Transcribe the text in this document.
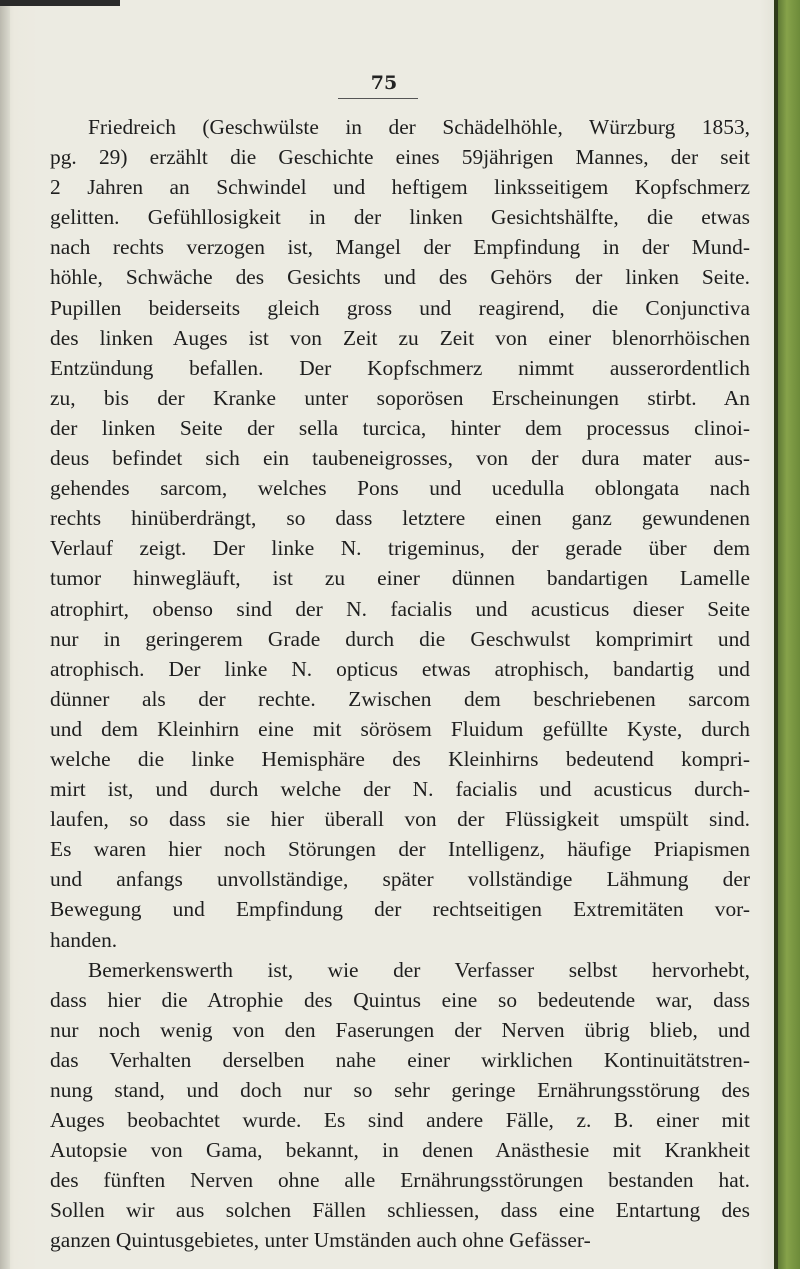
75
Friedreich (Geschwülste in der Schädelhöhle, Würzburg 1853,
pg. 29) erzählt die Geschichte eines 59jährigen Mannes, der seit
2 Jahren an Schwindel und heftigem linksseitigem Kopfschmerz
gelitten. Gefühllosigkeit in der linken Gesichtshälfte, die etwas
nach rechts verzogen ist, Mangel der Empfindung in der Mund-
höhle, Schwäche des Gesichts und des Gehörs der linken Seite.
Pupillen beiderseits gleich gross und reagirend, die Conjunctiva
des linken Auges ist von Zeit zu Zeit von einer blenorrhöischen
Entzündung befallen. Der Kopfschmerz nimmt ausserordentlich
zu, bis der Kranke unter soporösen Erscheinungen stirbt. An
der linken Seite der sella turcica, hinter dem processus clinoi-
deus befindet sich ein taubeneigrosses, von der dura mater aus-
gehendes sarcom, welches Pons und ucedulla oblongata nach
rechts hinüberdrängt, so dass letztere einen ganz gewundenen
Verlauf zeigt. Der linke N. trigeminus, der gerade über dem
tumor hinwegläuft, ist zu einer dünnen bandartigen Lamelle
atrophirt, obenso sind der N. facialis und acusticus dieser Seite
nur in geringerem Grade durch die Geschwulst komprimirt und
atrophisch. Der linke N. opticus etwas atrophisch, bandartig und
dünner als der rechte. Zwischen dem beschriebenen sarcom
und dem Kleinhirn eine mit sörösem Fluidum gefüllte Kyste, durch
welche die linke Hemisphäre des Kleinhirns bedeutend kompri-
mirt ist, und durch welche der N. facialis und acusticus durch-
laufen, so dass sie hier überall von der Flüssigkeit umspült sind.
Es waren hier noch Störungen der Intelligenz, häufige Priapismen
und anfangs unvollständige, später vollständige Lähmung der
Bewegung und Empfindung der rechtseitigen Extremitäten vor-
handen.
Bemerkenswerth ist, wie der Verfasser selbst hervorhebt,
dass hier die Atrophie des Quintus eine so bedeutende war, dass
nur noch wenig von den Faserungen der Nerven übrig blieb, und
das Verhalten derselben nahe einer wirklichen Kontinuitätstren-
nung stand, und doch nur so sehr geringe Ernährungsstörung des
Auges beobachtet wurde. Es sind andere Fälle, z. B. einer mit
Autopsie von Gama, bekannt, in denen Anästhesie mit Krankheit
des fünften Nerven ohne alle Ernährungsstörungen bestanden hat.
Sollen wir aus solchen Fällen schliessen, dass eine Entartung des
ganzen Quintusgebietes, unter Umständen auch ohne Gefässer-
